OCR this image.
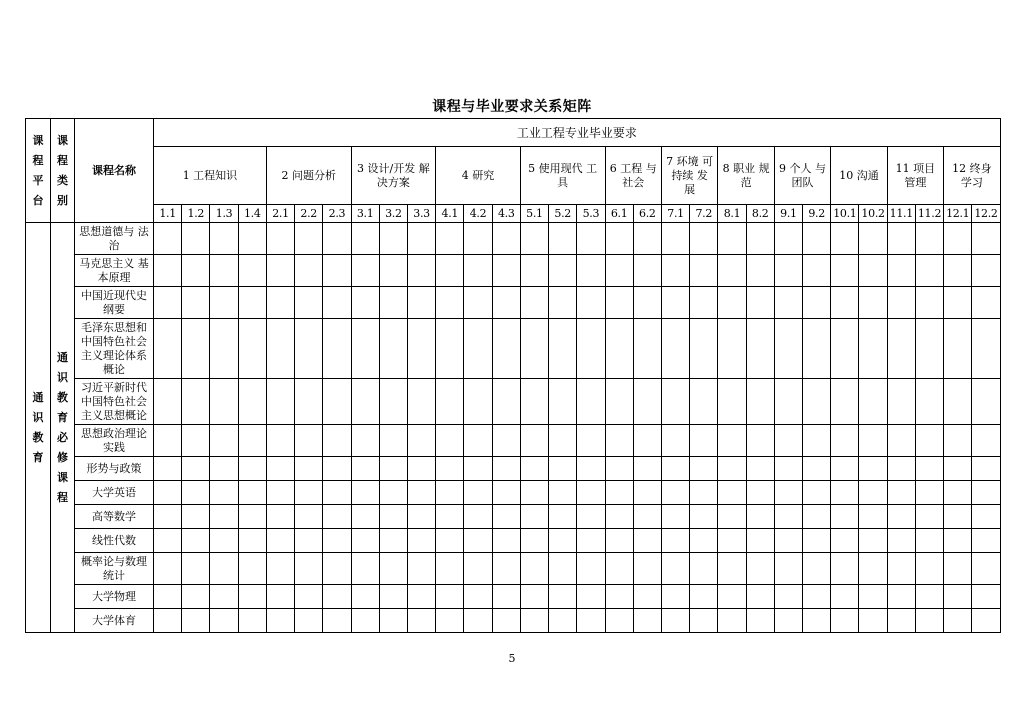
课程与毕业要求关系矩阵
课程平台	课程类别	课程名称	工业工程专业毕业要求																													

			1 工程知识				2 问题分析			3 设计/开发 解决方案			4 研究			5 使用现代 工具			6 工程 与社会		7 环境 可持续 发展		8 职业 规范		9 个人 与团队		10 沟通		11 项目 管理		12 终身 学习	

			1.1	1.2	1.3	1.4	2.1	2.2	2.3	3.1	3.2	3.3	4.1	4.2	4.3	5.1	5.2	5.3	6.1	6.2	7.1	7.2	8.1	8.2	9.1	9.2	10.1	10.2	11.1	11.2	12.1	12.2
通识教育	通识教育必修课程	思想道德与 法治																														
		马克思主义 基本原理																														
		中国近现代史 纲要																														
		毛泽东思想和 中国特色社会 主义理论体系 概论																														
		习近平新时代 中国特色社会 主义思想概论																														
		思想政治理论 实践																														
		形势与政策																														
		大学英语																														
		高等数学																														
		线性代数																														
		概率论与数理 统计																														
		大学物理																														
		大学体育																														
5
